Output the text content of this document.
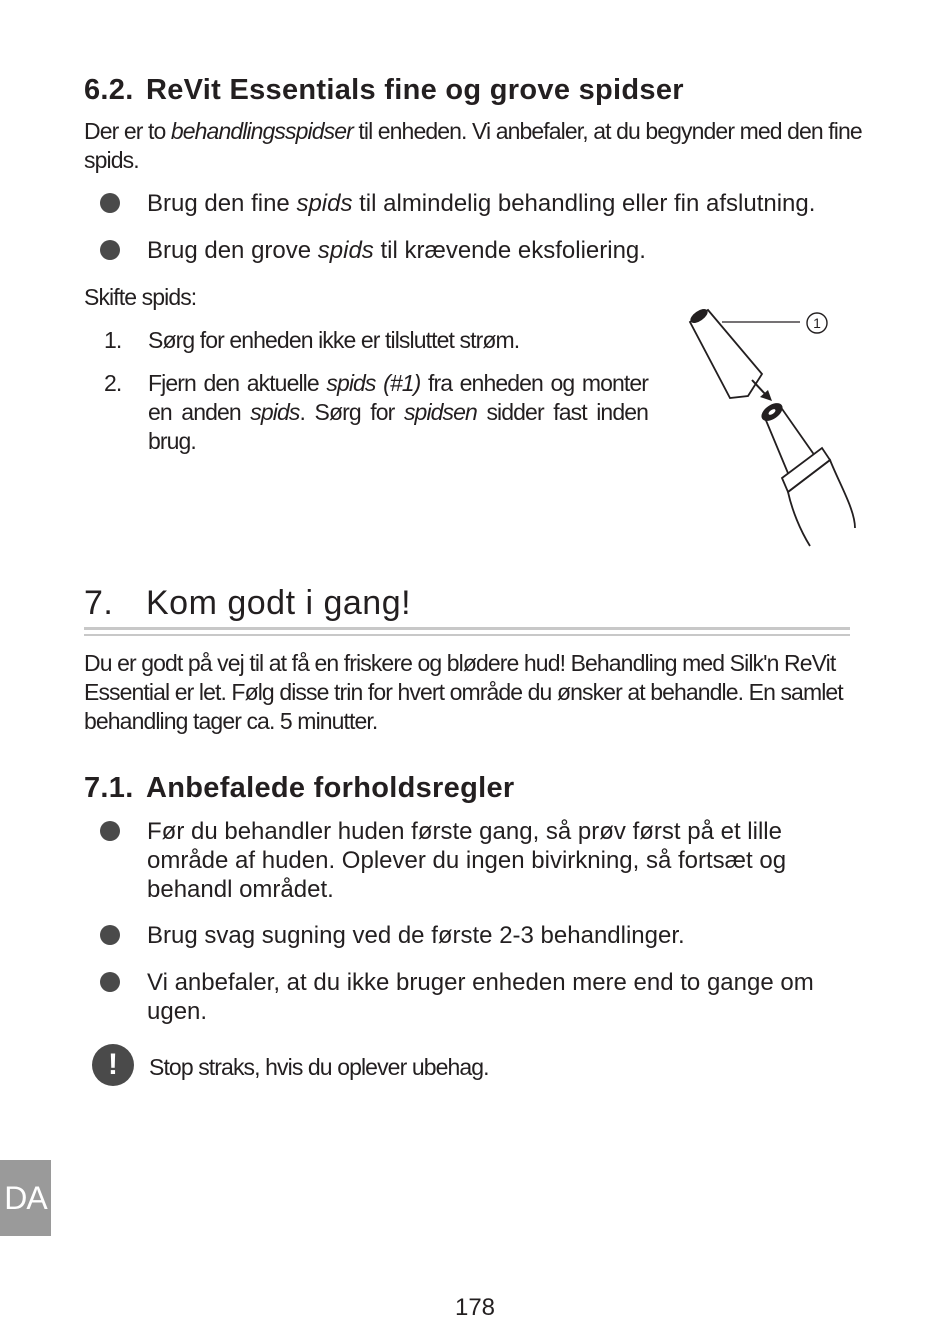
6.2. ReVit Essentials fine og grove spidser
Der er to behandlingsspidser til enheden. Vi anbefaler, at du begynder med den fine spids.
Brug den fine spids til almindelig behandling eller fin afslutning.
Brug den grove spids til krævende eksfoliering.
Skifte spids:
1. Sørg for enheden ikke er tilsluttet strøm.
2. Fjern den aktuelle spids (#1) fra enheden og monter en anden spids. Sørg for spidsen sidder fast inden brug.
1
7. Kom godt i gang!
Du er godt på vej til at få en friskere og blødere hud! Behandling med Silk'n ReVit Essential er let. Følg disse trin for hvert område du ønsker at behandle. En samlet behandling tager ca. 5 minutter.
7.1. Anbefalede forholdsregler
Før du behandler huden første gang, så prøv først på et lille område af huden. Oplever du ingen bivirkning, så fortsæt og behandl området.
Brug svag sugning ved de første 2-3 behandlinger.
Vi anbefaler, at du ikke bruger enheden mere end to gange om ugen.
! Stop straks, hvis du oplever ubehag.
DA
178
